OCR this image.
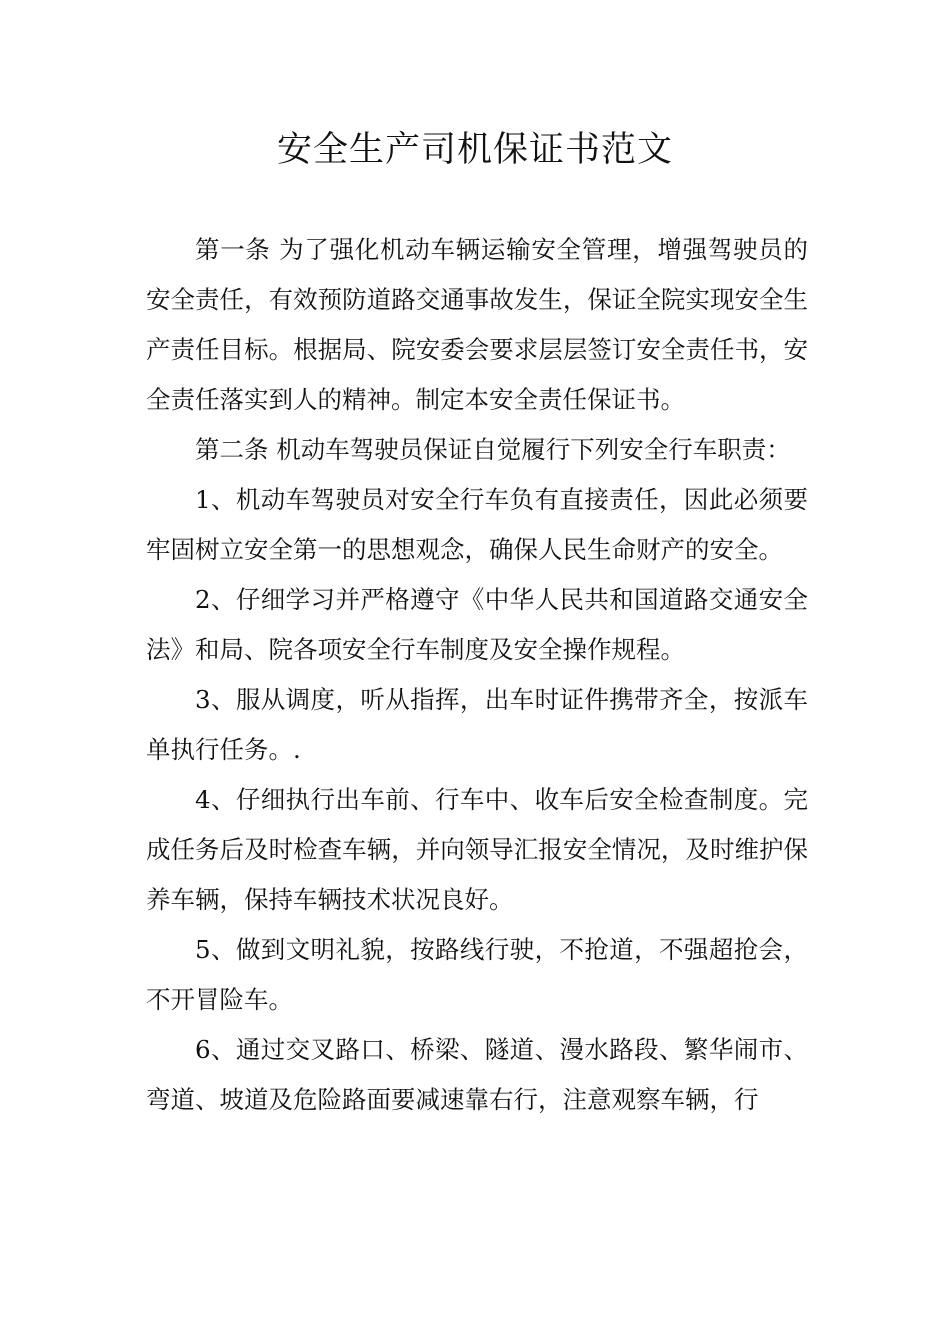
安全生产司机保证书范文

第一条 为了强化机动车辆运输安全管理，增强驾驶员的安全责任，有效预防道路交通事故发生，保证全院实现安全生产责任目标。根据局、院安委会要求层层签订安全责任书，安全责任落实到人的精神。制定本安全责任保证书。

第二条 机动车驾驶员保证自觉履行下列安全行车职责：

1、机动车驾驶员对安全行车负有直接责任，因此必须要牢固树立安全第一的思想观念，确保人民生命财产的安全。

2、仔细学习并严格遵守《中华人民共和国道路交通安全法》和局、院各项安全行车制度及安全操作规程。

3、服从调度，听从指挥，出车时证件携带齐全，按派车单执行任务。.

4、仔细执行出车前、行车中、收车后安全检查制度。完成任务后及时检查车辆，并向领导汇报安全情况，及时维护保养车辆，保持车辆技术状况良好。

5、做到文明礼貌，按路线行驶，不抢道，不强超抢会，不开冒险车。

6、通过交叉路口、桥梁、隧道、漫水路段、繁华闹市、弯道、坡道及危险路面要减速靠右行，注意观察车辆，行
